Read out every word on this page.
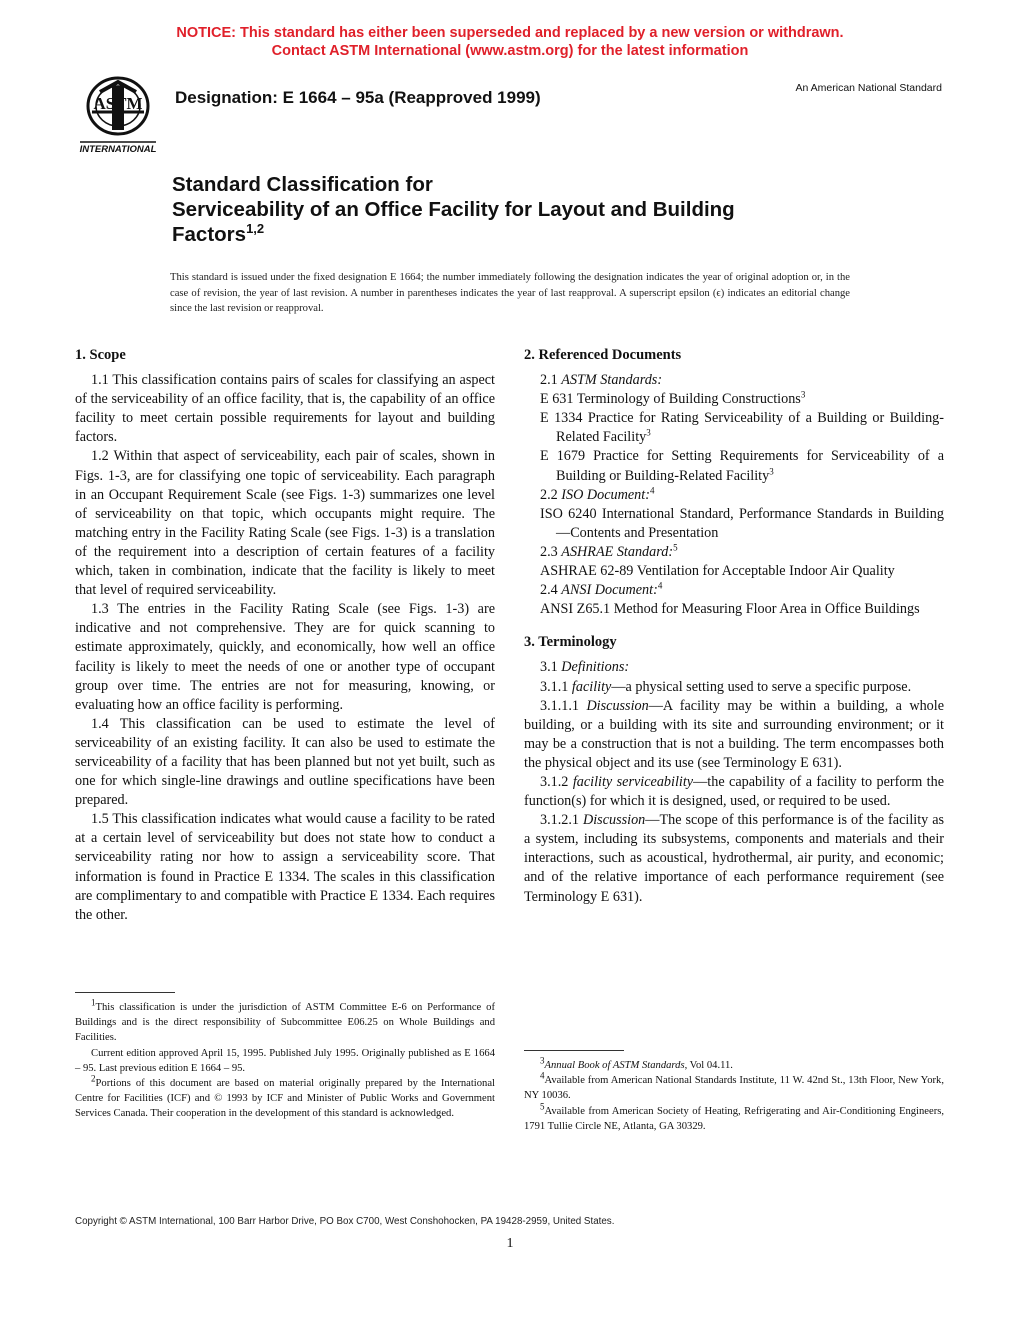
NOTICE: This standard has either been superseded and replaced by a new version or withdrawn.
Contact ASTM International (www.astm.org) for the latest information
ASTM
INTERNATIONAL
Designation: E 1664 – 95a (Reapproved 1999)	An American National Standard
Standard Classification for
Serviceability of an Office Facility for Layout and Building
Factors$^{1,2}$
This standard is issued under the fixed designation E 1664; the number immediately following the designation indicates the year of original adoption or, in the case of revision, the year of last revision. A number in parentheses indicates the year of last reapproval. A superscript epsilon (ϵ) indicates an editorial change since the last revision or reapproval.

1. Scope

1.1 This classification contains pairs of scales for classifying an aspect of the serviceability of an office facility, that is, the capability of an office facility to meet certain possible requirements for layout and building factors.

1.2 Within that aspect of serviceability, each pair of scales, shown in Figs. 1-3, are for classifying one topic of serviceability. Each paragraph in an Occupant Requirement Scale (see Figs. 1-3) summarizes one level of serviceability on that topic, which occupants might require. The matching entry in the Facility Rating Scale (see Figs. 1-3) is a translation of the requirement into a description of certain features of a facility which, taken in combination, indicate that the facility is likely to meet that level of required serviceability.

1.3 The entries in the Facility Rating Scale (see Figs. 1-3) are indicative and not comprehensive. They are for quick scanning to estimate approximately, quickly, and economically, how well an office facility is likely to meet the needs of one or another type of occupant group over time. The entries are not for measuring, knowing, or evaluating how an office facility is performing.

1.4 This classification can be used to estimate the level of serviceability of an existing facility. It can also be used to estimate the serviceability of a facility that has been planned but not yet built, such as one for which single-line drawings and outline specifications have been prepared.

1.5 This classification indicates what would cause a facility to be rated at a certain level of serviceability but does not state how to conduct a serviceability rating nor how to assign a serviceability score. That information is found in Practice E 1334. The scales in this classification are complimentary to and compatible with Practice E 1334. Each requires the other.

$^1$This classification is under the jurisdiction of ASTM Committee E-6 on Performance of Buildings and is the direct responsibility of Subcommittee E06.25 on Whole Buildings and Facilities.

Current edition approved April 15, 1995. Published July 1995. Originally published as E 1664 – 95. Last previous edition E 1664 – 95.

$^2$Portions of this document are based on material originally prepared by the International Centre for Facilities (ICF) and © 1993 by ICF and Minister of Public Works and Government Services Canada. Their cooperation in the development of this standard is acknowledged.

2. Referenced Documents

2.1 ASTM Standards:

E 631 Terminology of Building Constructions$^3$

E 1334 Practice for Rating Serviceability of a Building or Building-Related Facility$^3$

E 1679 Practice for Setting Requirements for Serviceability of a Building or Building-Related Facility$^3$

2.2 ISO Document:$^4$

ISO 6240 International Standard, Performance Standards in Building—Contents and Presentation

2.3 ASHRAE Standard:$^5$

ASHRAE 62-89 Ventilation for Acceptable Indoor Air Quality

2.4 ANSI Document:$^4$

ANSI Z65.1 Method for Measuring Floor Area in Office Buildings

3. Terminology

3.1 Definitions:

3.1.1 facility—a physical setting used to serve a specific purpose.

3.1.1.1 Discussion—A facility may be within a building, a whole building, or a building with its site and surrounding environment; or it may be a construction that is not a building. The term encompasses both the physical object and its use (see Terminology E 631).

3.1.2 facility serviceability—the capability of a facility to perform the function(s) for which it is designed, used, or required to be used.

3.1.2.1 Discussion—The scope of this performance is of the facility as a system, including its subsystems, components and materials and their interactions, such as acoustical, hydrothermal, air purity, and economic; and of the relative importance of each performance requirement (see Terminology E 631).

$^3$Annual Book of ASTM Standards, Vol 04.11.

$^4$Available from American National Standards Institute, 11 W. 42nd St., 13th Floor, New York, NY 10036.

$^5$Available from American Society of Heating, Refrigerating and Air-Conditioning Engineers, 1791 Tullie Circle NE, Atlanta, GA 30329.

Copyright © ASTM International, 100 Barr Harbor Drive, PO Box C700, West Conshohocken, PA 19428-2959, United States.
1
